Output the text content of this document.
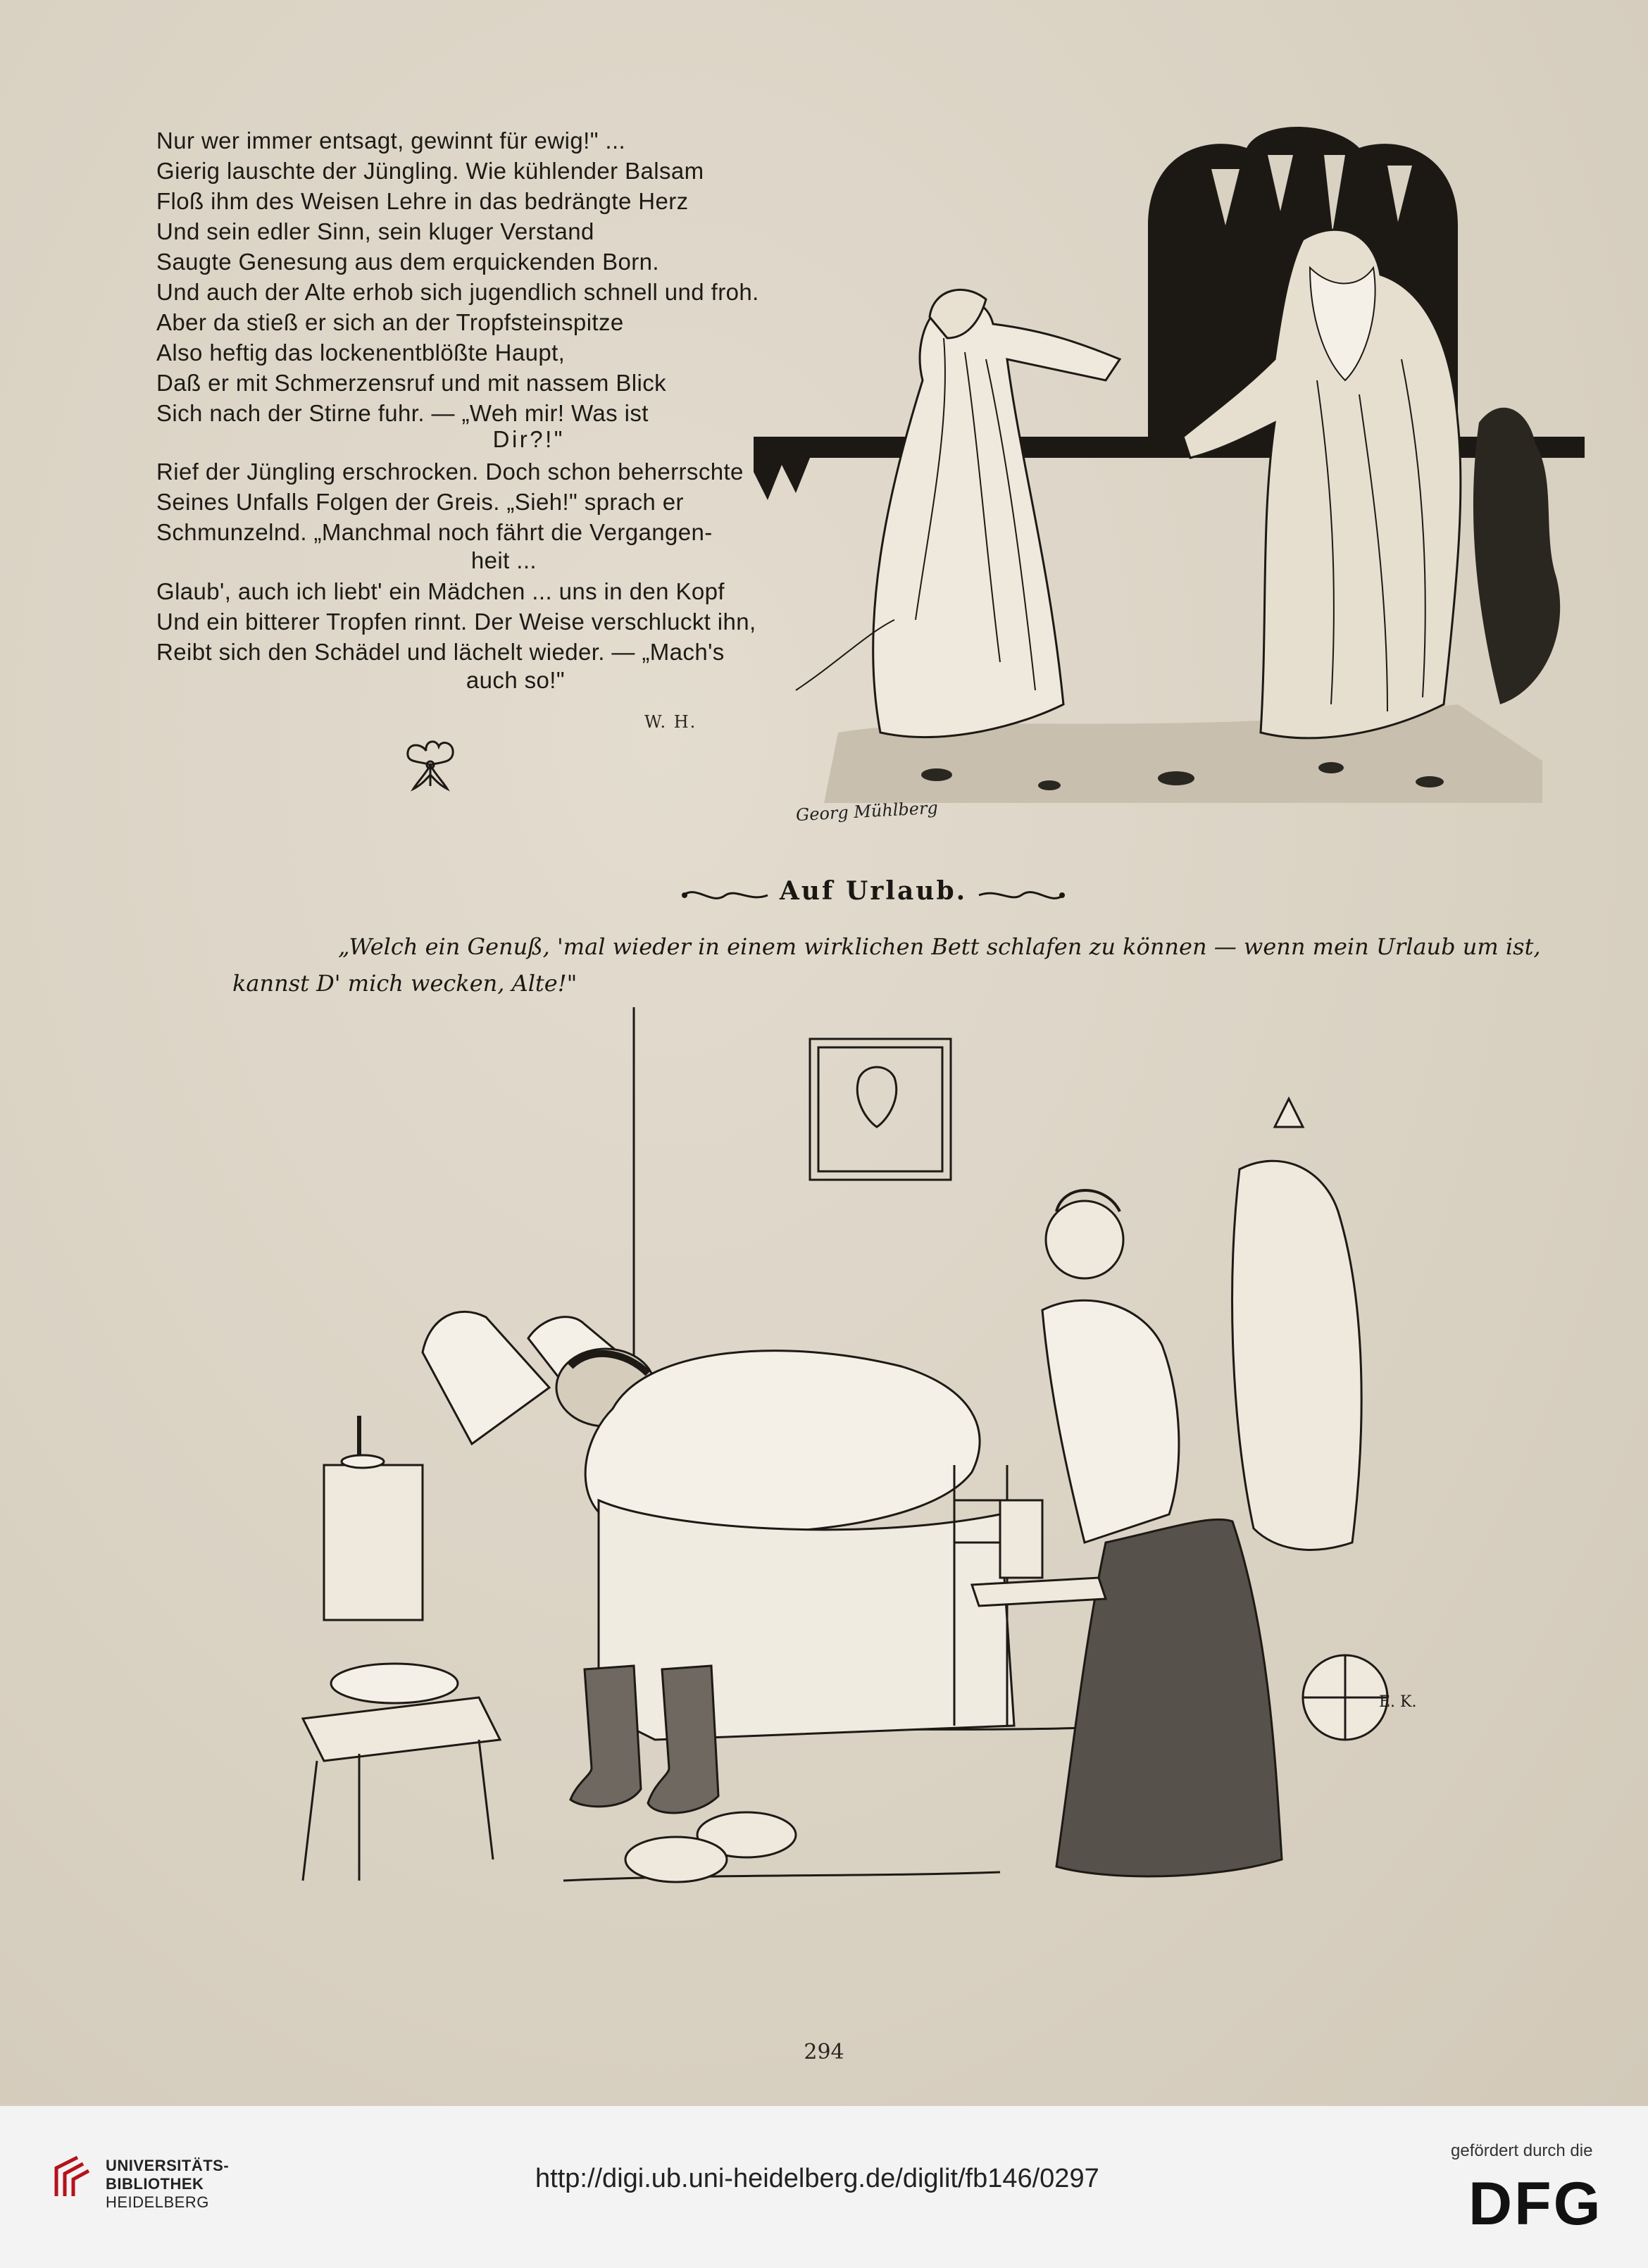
Nur wer immer entsagt, gewinnt für ewig!" ...
Gierig lauschte der Jüngling. Wie kühlender Balsam
Floß ihm des Weisen Lehre in das bedrängte Herz
Und sein edler Sinn, sein kluger Verstand
Saugte Genesung aus dem erquickenden Born.
Und auch der Alte erhob sich jugendlich schnell und froh.
Aber da stieß er sich an der Tropfsteinspitze
Also heftig das lockenentblößte Haupt,
Daß er mit Schmerzensruf und mit nassem Blick
Sich nach der Stirne fuhr. — „Weh mir! Was ist
Dir?!"
Rief der Jüngling erschrocken. Doch schon beherrschte
Seines Unfalls Folgen der Greis. „Sieh!" sprach er
Schmunzelnd. „Manchmal noch fährt die Vergangen-
heit ...
Glaub', auch ich liebt' ein Mädchen ... uns in den Kopf
Und ein bitterer Tropfen rinnt. Der Weise verschluckt ihn,
Reibt sich den Schädel und lächelt wieder. — „Mach's
auch so!"
W. H.
Georg Mühlberg
Auf Urlaub.
„Welch ein Genuß, 'mal wieder in einem wirklichen Bett schlafen zu können — wenn mein Urlaub um ist,
kannst D' mich wecken, Alte!"
E. K.
294
UNIVERSITÄTS-
BIBLIOTHEK
HEIDELBERG
http://digi.ub.uni-heidelberg.de/diglit/fb146/0297
gefördert durch die
DFG
